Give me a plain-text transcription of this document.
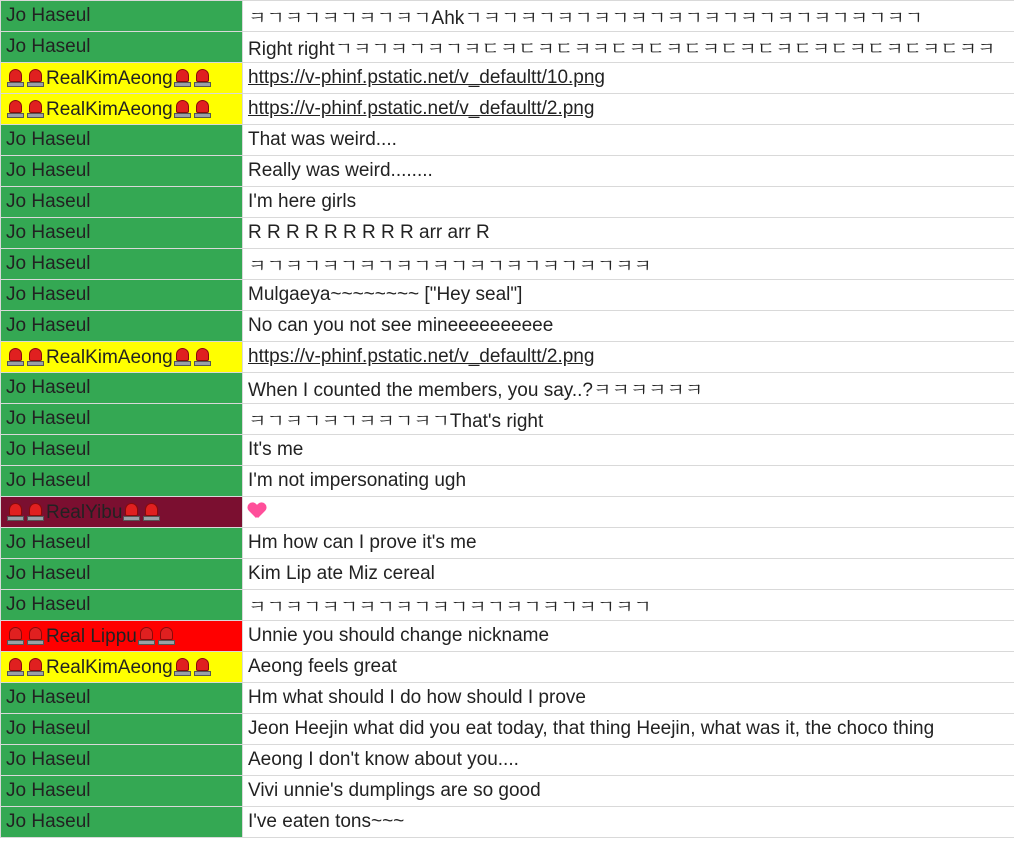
Jo Haseul	ㅋㄱㅋㄱㅋㄱㅋㄱㅋㄱAhkㄱㅋㄱㅋㄱㅋㄱㅋㄱㅋㄱㅋㄱㅋㄱㅋㄱㅋㄱㅋㄱㅋㄱㅋㄱ
Jo Haseul	Right rightㄱㅋㄱㅋㄱㅋㄱㅋㄷㅋㄷㅋㄷㅋㅋㄷㅋㄷㅋㄷㅋㄷㅋㄷㅋㄷㅋㄷㅋㄷㅋㄷㅋㄷㅋㅋ
RealKimAeong	https://v-phinf.pstatic.net/v_defaultt/10.png
RealKimAeong	https://v-phinf.pstatic.net/v_defaultt/2.png
Jo Haseul	That was weird....
Jo Haseul	Really was weird........
Jo Haseul	I'm here girls
Jo Haseul	R R R R R R R R R arr arr R
Jo Haseul	ㅋㄱㅋㄱㅋㄱㅋㄱㅋㄱㅋㄱㅋㄱㅋㄱㅋㄱㅋㄱㅋㅋ
Jo Haseul	Mulgaeya~~~~~~~~ ["Hey seal"]
Jo Haseul	No can you not see mineeeeeeeeee
RealKimAeong	https://v-phinf.pstatic.net/v_defaultt/2.png
Jo Haseul	When I counted the members, you say..?ㅋㅋㅋㅋㅋㅋ
Jo Haseul	ㅋㄱㅋㄱㅋㄱㅋㅋㄱㅋㄱThat's right
Jo Haseul	It's me
Jo Haseul	I'm not impersonating ugh
RealYibu	
Jo Haseul	Hm how can I prove it's me
Jo Haseul	Kim Lip ate Miz cereal
Jo Haseul	ㅋㄱㅋㄱㅋㄱㅋㄱㅋㄱㅋㄱㅋㄱㅋㄱㅋㄱㅋㄱㅋㄱ
Real Lippu	Unnie you should change nickname
RealKimAeong	Aeong feels great
Jo Haseul	Hm what should I do how should I prove
Jo Haseul	Jeon Heejin what did you eat today, that thing Heejin, what was it, the choco thing
Jo Haseul	Aeong I don't know about you....
Jo Haseul	Vivi unnie's dumplings are so good
Jo Haseul	I've eaten tons~~~
